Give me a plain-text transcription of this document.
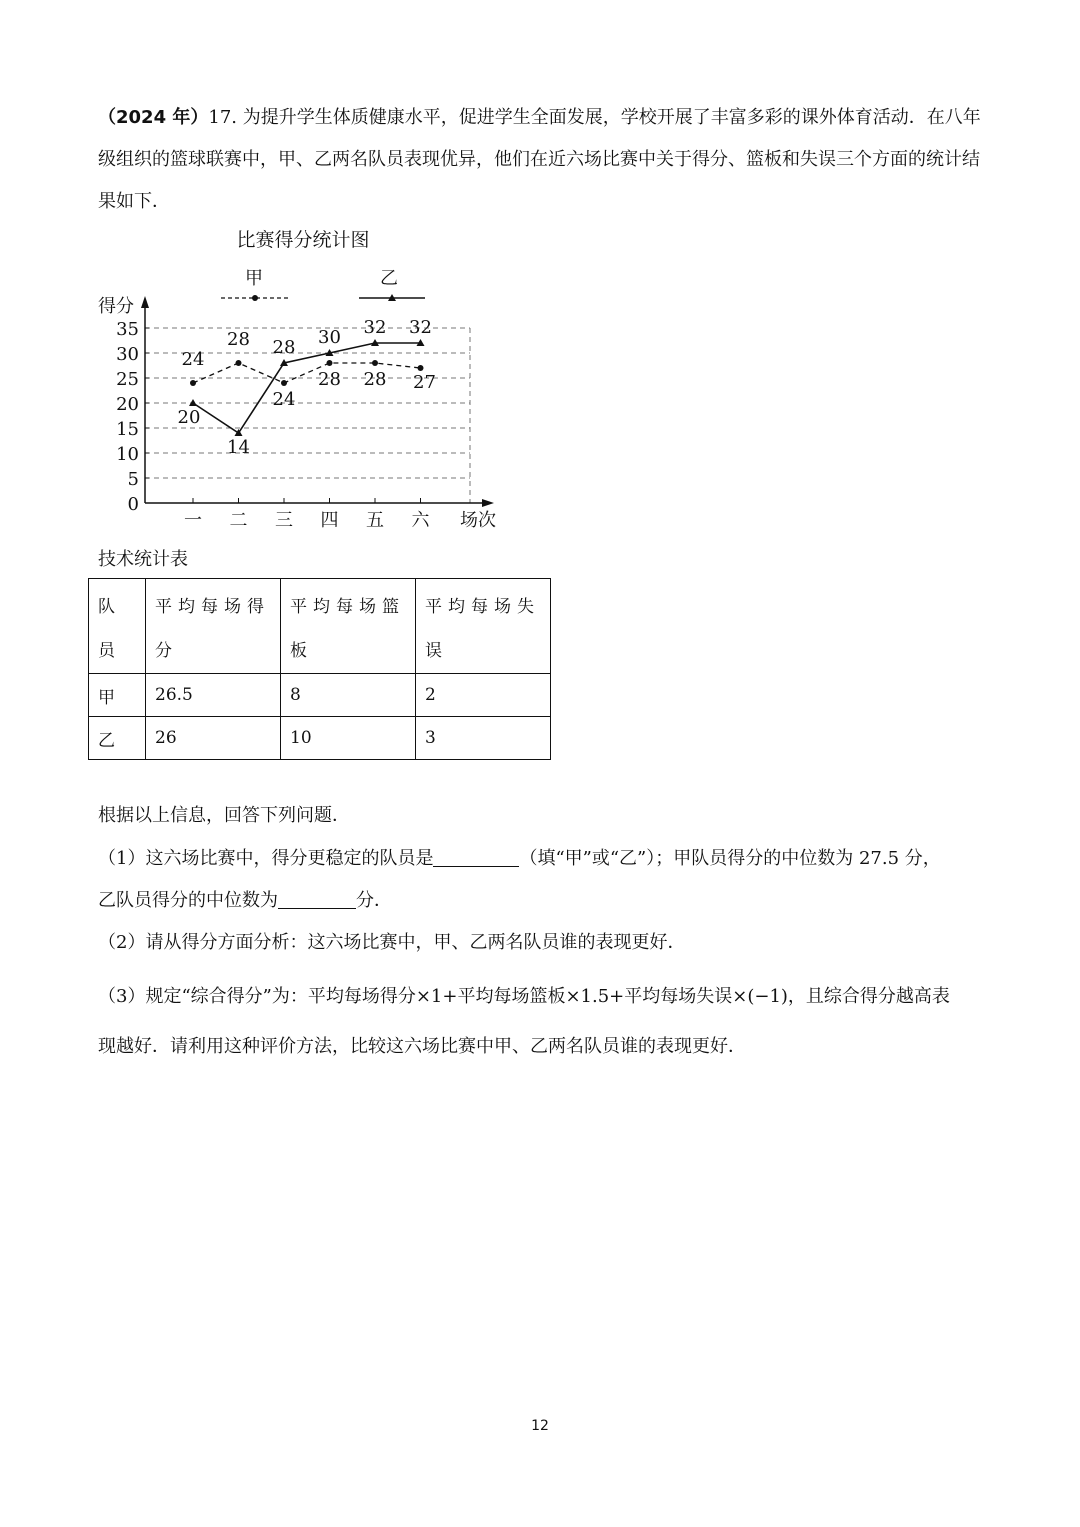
（2024 年）17. 为提升学生体质健康水平，促进学生全面发展，学校开展了丰富多彩的课外体育活动．在八年级组织的篮球联赛中，甲、乙两名队员表现优异，他们在近六场比赛中关于得分、篮板和失误三个方面的统计结果如下．
比赛得分统计图
得分
场次
0
5
10
15
20
25
30
35
一 二 三 四 五 六
甲	乙
24
28
24
28 28 27
20
14
28 30 32 32
技术统计表
队员	平均每场得分	平均每场篮板	平均每场失误
甲	26.5	8	2
乙	26	10	3
根据以上信息，回答下列问题．
（1）这六场比赛中，得分更稳定的队员是	（填“甲”或“乙”）；甲队员得分的中位数为 27.5 分，
乙队员得分的中位数为	分．
（2）请从得分方面分析：这六场比赛中，甲、乙两名队员谁的表现更好．
（3）规定“综合得分”为：平均每场得分×1+平均每场篮板×1.5+平均每场失误×(−1)，且综合得分越高表
现越好．请利用这种评价方法，比较这六场比赛中甲、乙两名队员谁的表现更好．
12
